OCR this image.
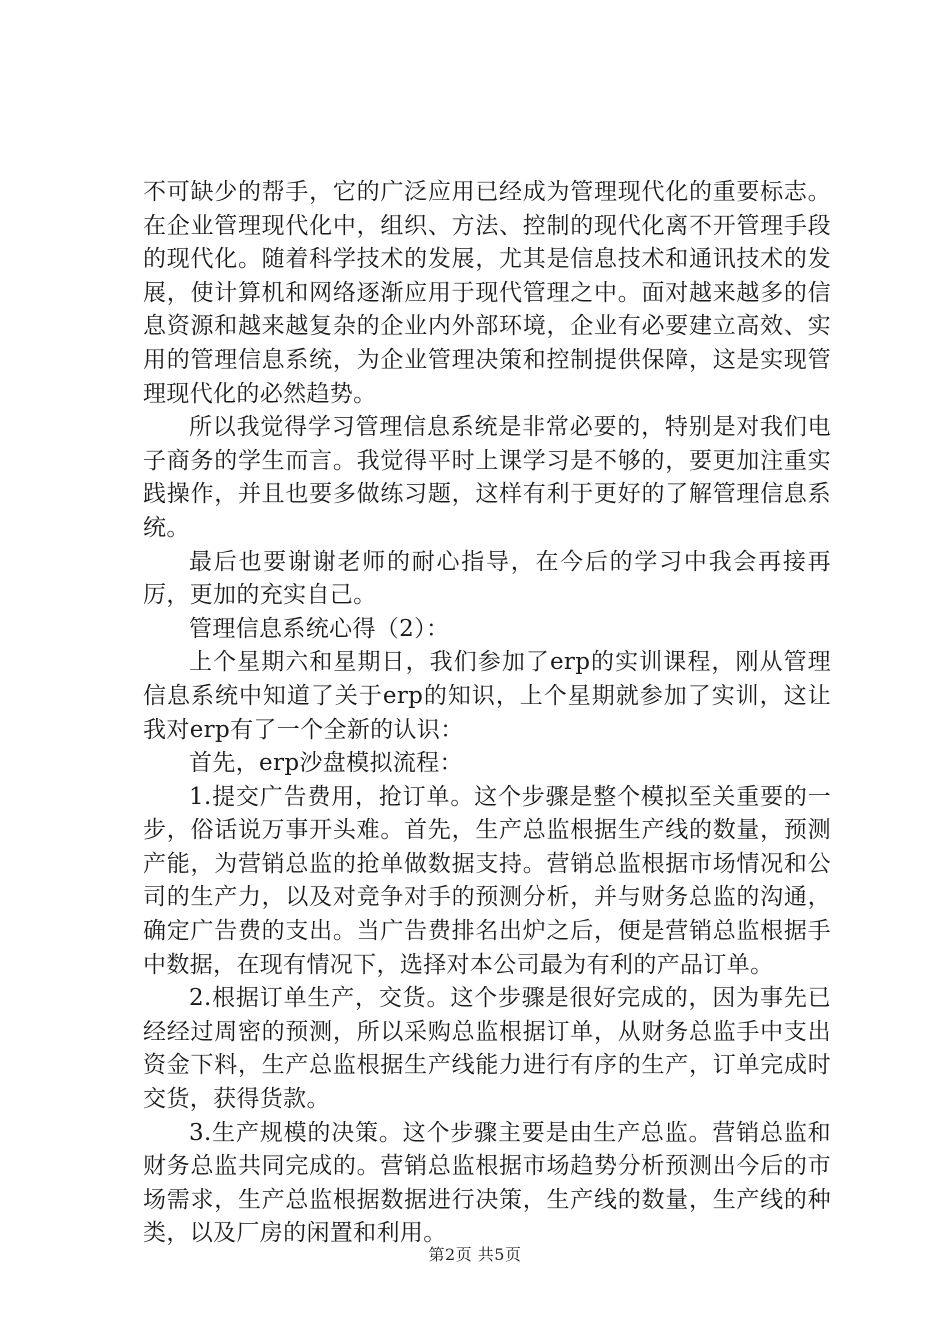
不可缺少的帮手，它的广泛应用已经成为管理现代化的重要标志。在企业管理现代化中，组织、方法、控制的现代化离不开管理手段的现代化。随着科学技术的发展，尤其是信息技术和通讯技术的发展，使计算机和网络逐渐应用于现代管理之中。面对越来越多的信息资源和越来越复杂的企业内外部环境，企业有必要建立高效、实用的管理信息系统，为企业管理决策和控制提供保障，这是实现管理现代化的必然趋势。

所以我觉得学习管理信息系统是非常必要的，特别是对我们电子商务的学生而言。我觉得平时上课学习是不够的，要更加注重实践操作，并且也要多做练习题，这样有利于更好的了解管理信息系统。

最后也要谢谢老师的耐心指导，在今后的学习中我会再接再厉，更加的充实自己。

管理信息系统心得（2）：

上个星期六和星期日，我们参加了erp的实训课程，刚从管理信息系统中知道了关于erp的知识，上个星期就参加了实训，这让我对erp有了一个全新的认识：

首先，erp沙盘模拟流程：

1.提交广告费用，抢订单。这个步骤是整个模拟至关重要的一步，俗话说万事开头难。首先，生产总监根据生产线的数量，预测产能，为营销总监的抢单做数据支持。营销总监根据市场情况和公司的生产力，以及对竞争对手的预测分析，并与财务总监的沟通，确定广告费的支出。当广告费排名出炉之后，便是营销总监根据手中数据，在现有情况下，选择对本公司最为有利的产品订单。

2.根据订单生产，交货。这个步骤是很好完成的，因为事先已经经过周密的预测，所以采购总监根据订单，从财务总监手中支出资金下料，生产总监根据生产线能力进行有序的生产，订单完成时交货，获得货款。

3.生产规模的决策。这个步骤主要是由生产总监。营销总监和财务总监共同完成的。营销总监根据市场趋势分析预测出今后的市场需求，生产总监根据数据进行决策，生产线的数量，生产线的种类，以及厂房的闲置和利用。

第2页 共5页
